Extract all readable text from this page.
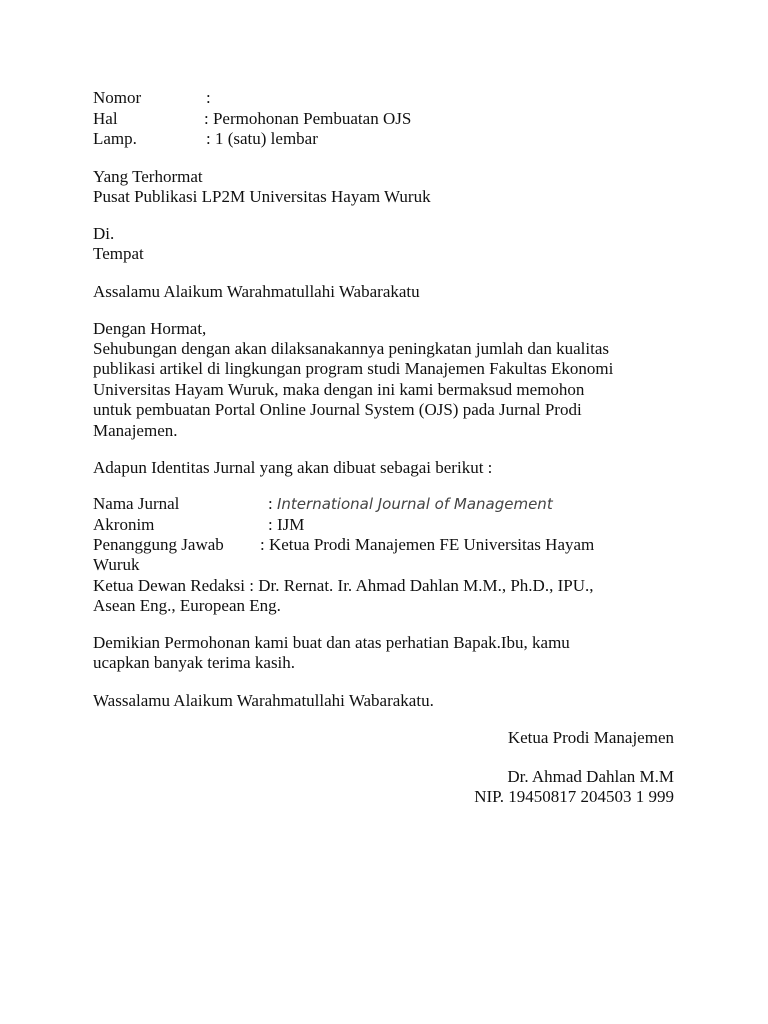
Nomor	:
Hal	: Permohonan Pembuatan OJS
Lamp.	: 1 (satu) lembar
Yang Terhormat
Pusat Publikasi LP2M Universitas Hayam Wuruk
Di.
Tempat
Assalamu Alaikum Warahmatullahi Wabarakatu
Dengan Hormat,
Sehubungan dengan akan dilaksanakannya peningkatan jumlah dan kualitas
publikasi artikel di lingkungan program studi Manajemen Fakultas Ekonomi
Universitas Hayam Wuruk, maka dengan ini kami bermaksud memohon
untuk pembuatan Portal Online Journal System (OJS) pada Jurnal Prodi
Manajemen.
Adapun Identitas Jurnal yang akan dibuat sebagai berikut :
Nama Jurnal	: International Journal of Management
Akronim	: IJM
Penanggung Jawab : Ketua Prodi Manajemen FE Universitas Hayam
Wuruk
Ketua Dewan Redaksi : Dr. Rernat. Ir. Ahmad Dahlan M.M., Ph.D., IPU.,
Asean Eng., European Eng.
Demikian Permohonan kami buat dan atas perhatian Bapak.Ibu, kamu
ucapkan banyak terima kasih.
Wassalamu Alaikum Warahmatullahi Wabarakatu.
Ketua Prodi Manajemen
Dr. Ahmad Dahlan M.M
NIP. 19450817 204503 1 999
